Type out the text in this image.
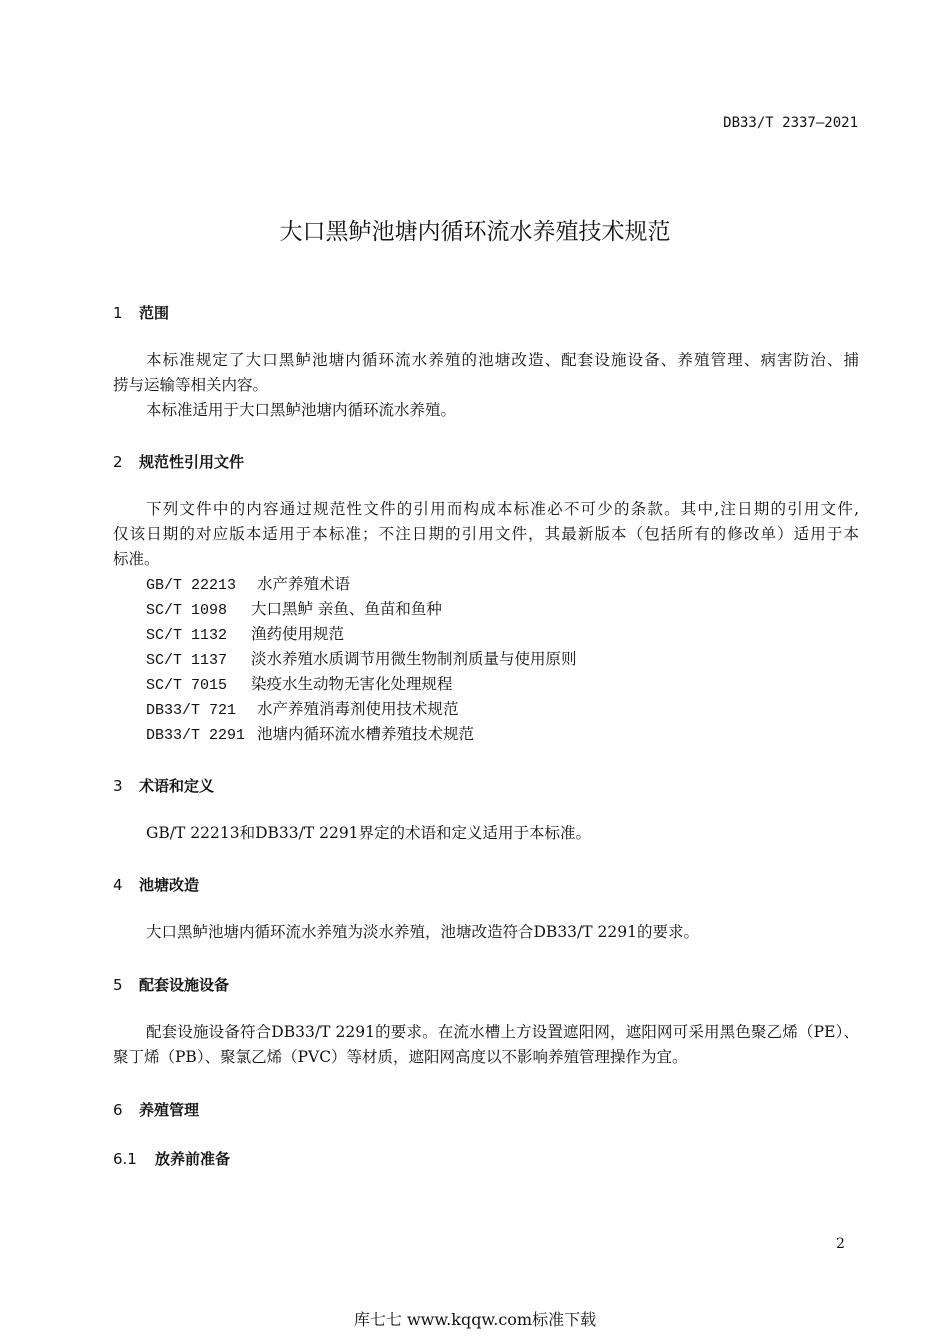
DB33/T 2337—2021
大口黑鲈池塘内循环流水养殖技术规范
1 范围
本标准规定了大口黑鲈池塘内循环流水养殖的池塘改造、配套设施设备、养殖管理、病害防治、捕
捞与运输等相关内容。
本标准适用于大口黑鲈池塘内循环流水养殖。
2 规范性引用文件
下列文件中的内容通过规范性文件的引用而构成本标准必不可少的条款。其中,注日期的引用文件,
仅该日期的对应版本适用于本标准；不注日期的引用文件，其最新版本（包括所有的修改单）适用于本
标准。
GB/T 22213 水产养殖术语
SC/T 1098 大口黑鲈 亲鱼、鱼苗和鱼种
SC/T 1132 渔药使用规范
SC/T 1137 淡水养殖水质调节用微生物制剂质量与使用原则
SC/T 7015 染疫水生动物无害化处理规程
DB33/T 721 水产养殖消毒剂使用技术规范
DB33/T 2291 池塘内循环流水槽养殖技术规范
3 术语和定义
GB/T 22213和DB33/T 2291界定的术语和定义适用于本标准。
4 池塘改造
大口黑鲈池塘内循环流水养殖为淡水养殖，池塘改造符合DB33/T 2291的要求。
5 配套设施设备
配套设施设备符合DB33/T 2291的要求。在流水槽上方设置遮阳网，遮阳网可采用黑色聚乙烯（PE）、
聚丁烯（PB）、聚氯乙烯（PVC）等材质，遮阳网高度以不影响养殖管理操作为宜。
6 养殖管理
6.1 放养前准备
2
库七七 www.kqqw.com标准下载
